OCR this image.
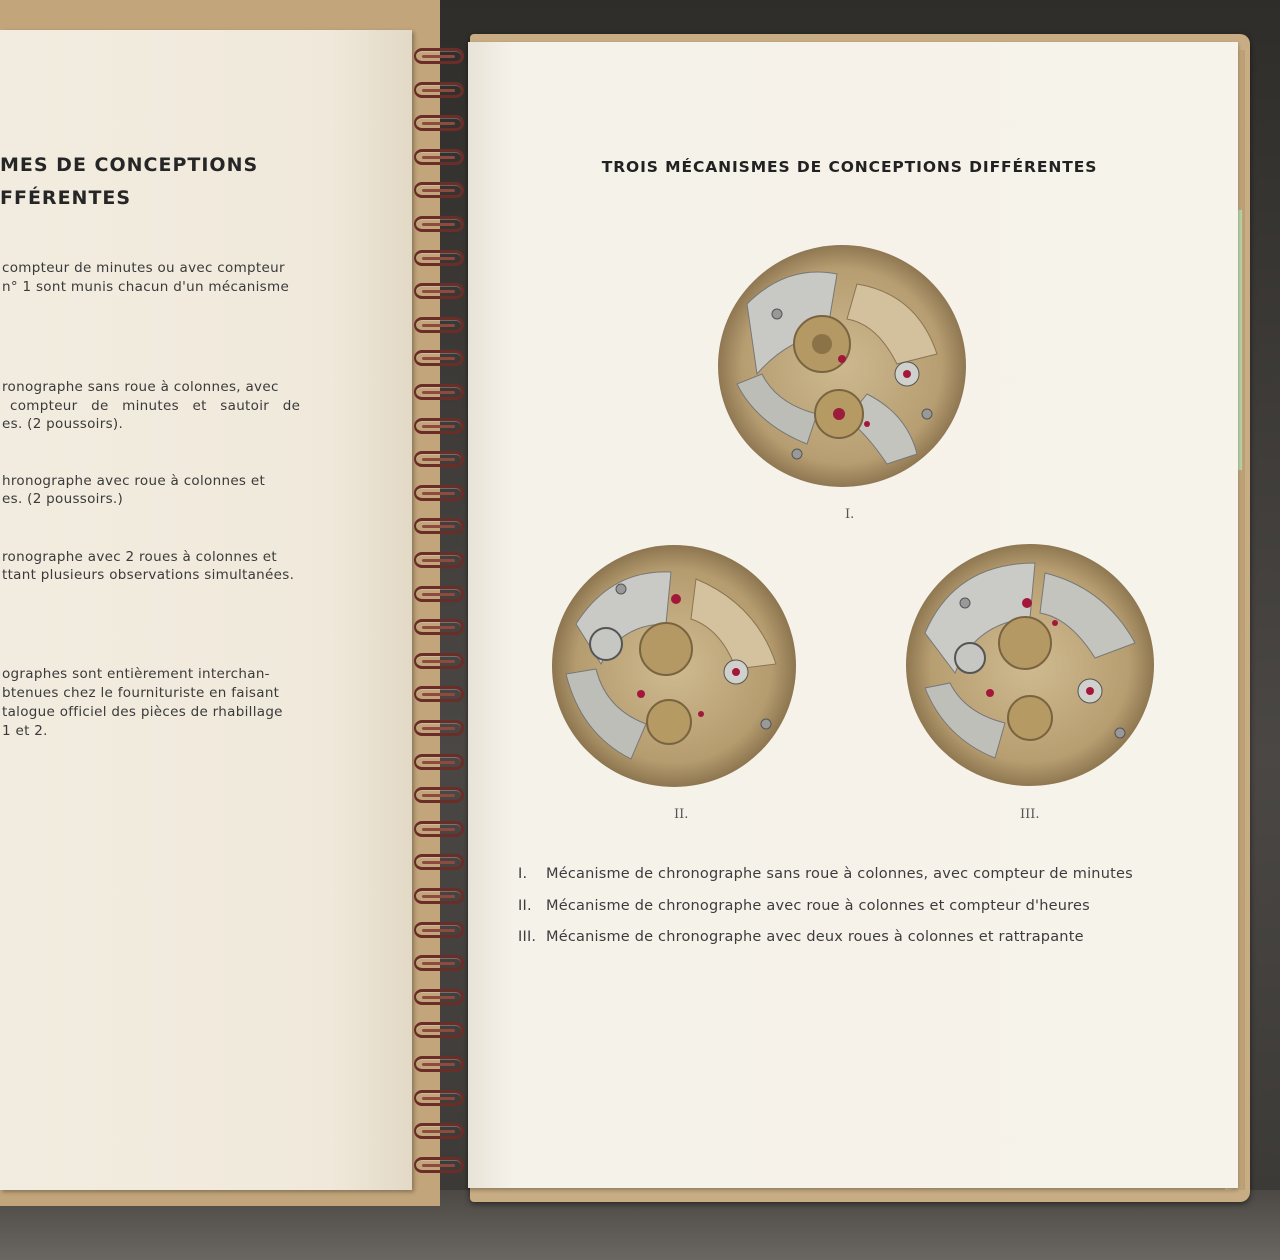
MES DE CONCEPTIONS
FFÉRENTES
compteur de minutes ou avec compteur
n° 1 sont munis chacun d'un mécanisme
ronographe sans roue à colonnes, avec
compteur de minutes et sautoir de
es. (2 poussoirs).
hronographe avec roue à colonnes et
es. (2 poussoirs.)
ronographe avec 2 roues à colonnes et
ttant plusieurs observations simultanées.
ographes sont entièrement interchan-
btenues chez le fournituriste en faisant
talogue officiel des pièces de rhabillage
1 et 2.
TROIS MÉCANISMES DE CONCEPTIONS DIFFÉRENTES
I.
II.	III.
I. Mécanisme de chronographe sans roue à colonnes, avec compteur de minutes
II. Mécanisme de chronographe avec roue à colonnes et compteur d'heures
III. Mécanisme de chronographe avec deux roues à colonnes et rattrapante
